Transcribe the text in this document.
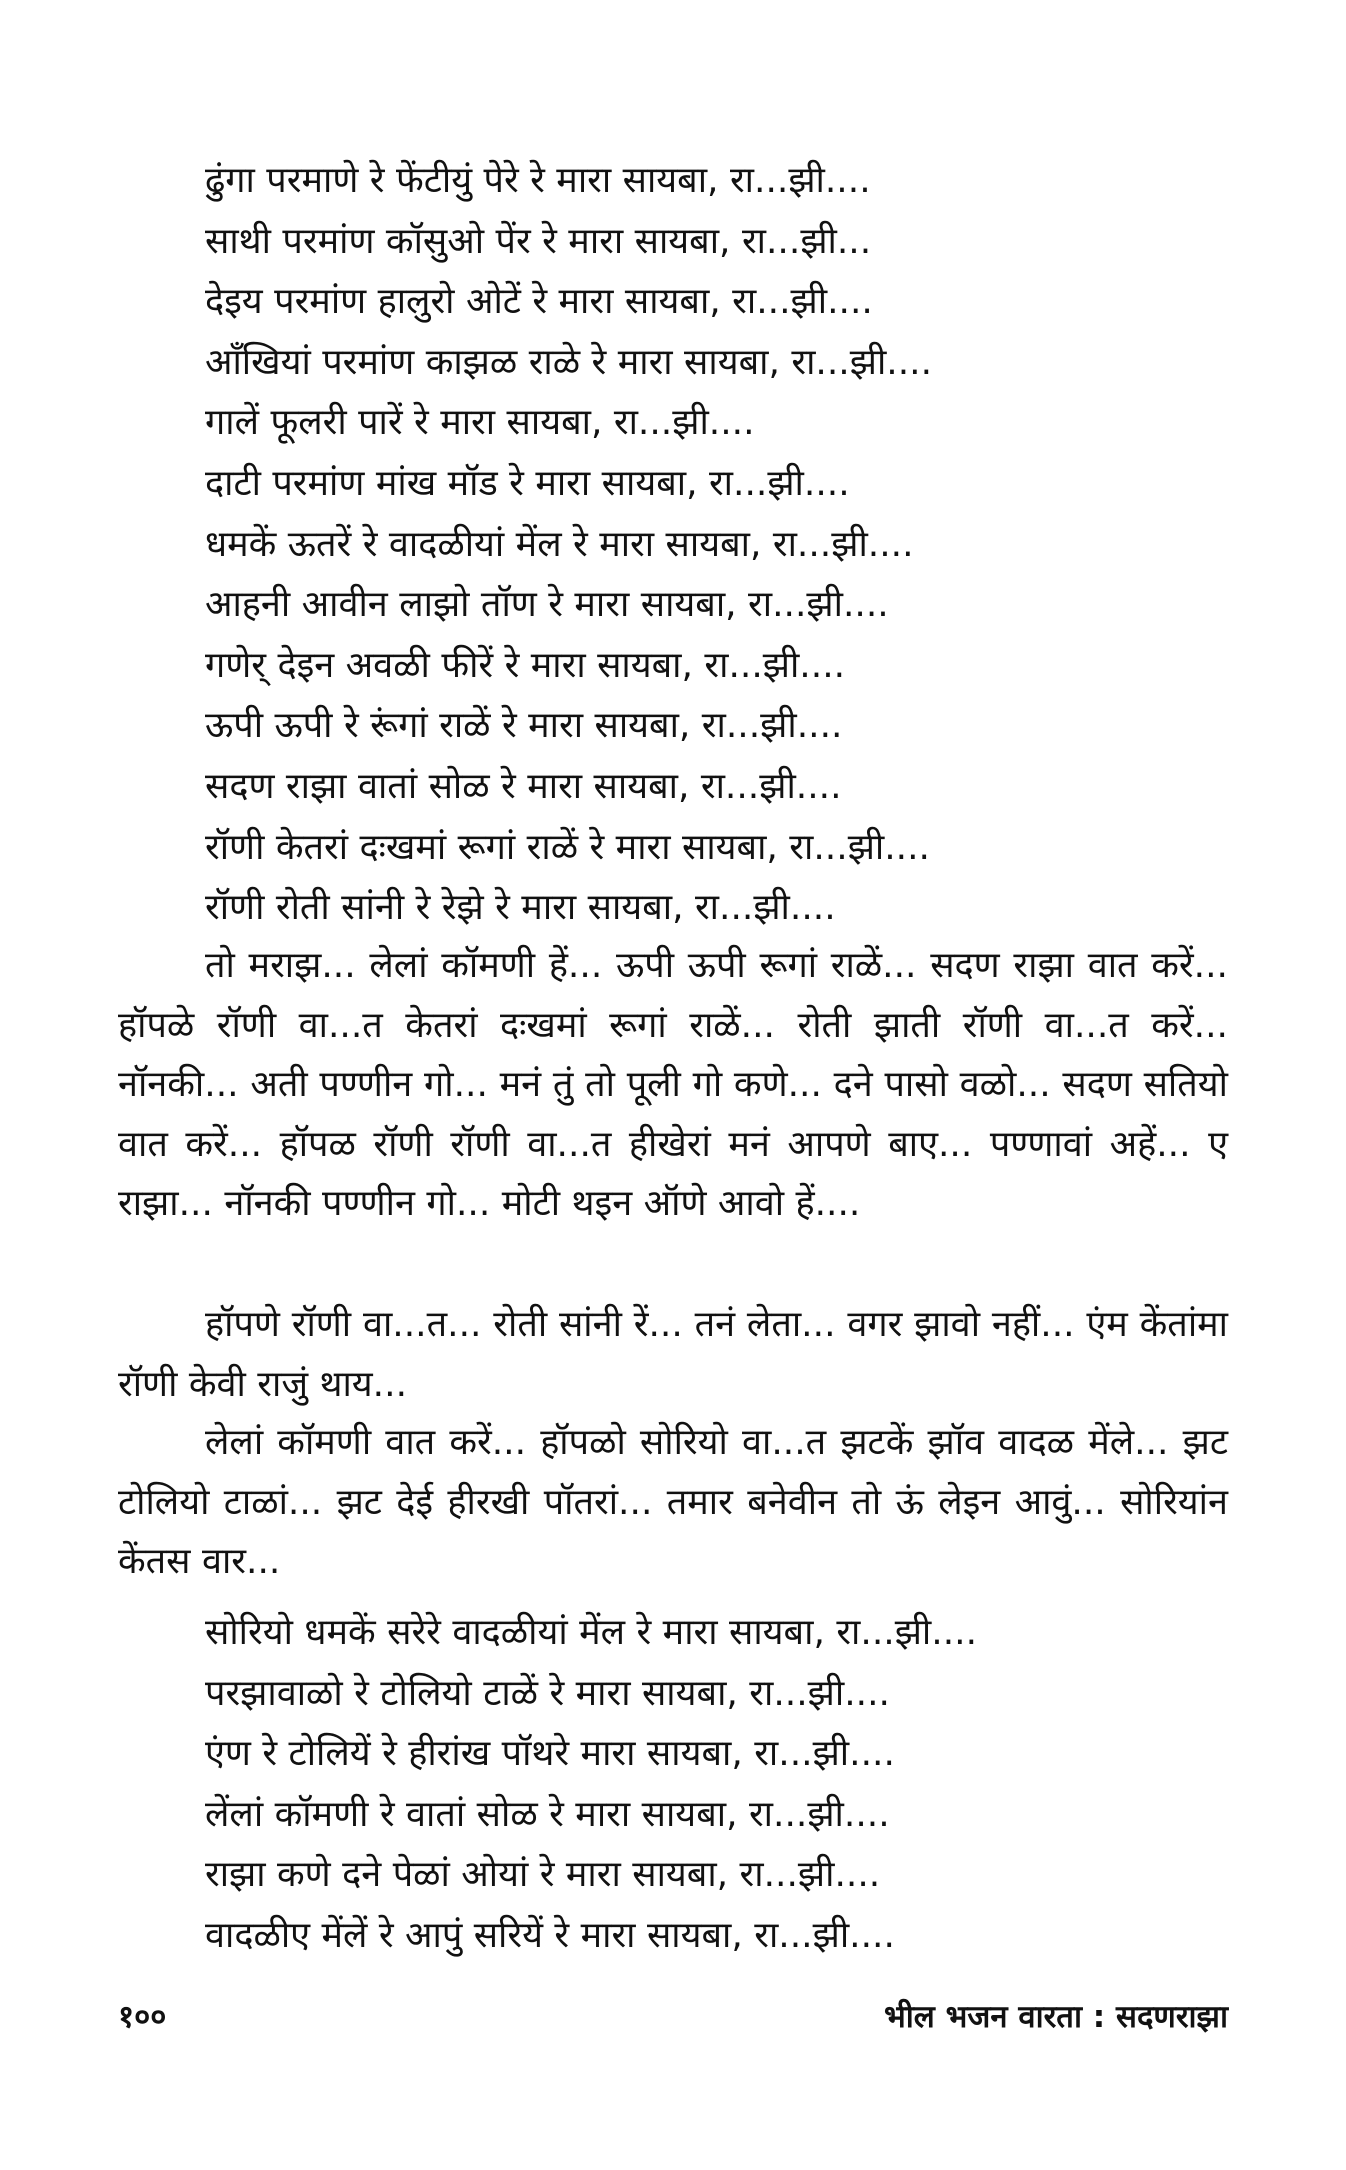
ढुंगा परमाणे रे फेंटीयुं पेरे रे मारा सायबा, रा...झी....
साथी परमांण कॉसुओ पेंर रे मारा सायबा, रा...झी...
देइय परमांण हालुरो ओटें रे मारा सायबा, रा...झी....
आँखियां परमांण काझळ राळे रे मारा सायबा, रा...झी....
गालें फूलरी पारें रे मारा सायबा, रा...झी....
दाटी परमांण मांख मॉड रे मारा सायबा, रा...झी....
धमकें ऊतरें रे वादळीयां मेंल रे मारा सायबा, रा...झी....
आहनी आवीन लाझो तॉण रे मारा सायबा, रा...झी....
गणेर् देइन अवळी फीरें रे मारा सायबा, रा...झी....
ऊपी ऊपी रे रूंगां राळें रे मारा सायबा, रा...झी....
सदण राझा वातां सोळ रे मारा सायबा, रा...झी....
रॉणी केतरां दःखमां रूगां राळें रे मारा सायबा, रा...झी....
रॉणी रोती सांनी रे रेझे रे मारा सायबा, रा...झी....

तो मराझ... लेलां कॉमणी हें... ऊपी ऊपी रूगां राळें... सदण राझा वात करें... हॉपळे रॉणी वा...त केतरां दःखमां रूगां राळें... रोती झाती रॉणी वा...त करें... नॉनकी... अती पण्णीन गो... मनं तुं तो पूली गो कणे... दने पासो वळो... सदण सतियो वात करें... हॉपळ रॉणी रॉणी वा...त हीखेरां मनं आपणे बाए... पण्णावां अहें... ए राझा... नॉनकी पण्णीन गो... मोटी थइन ऑणे आवो हें....

हॉपणे रॉणी वा...त... रोती सांनी रें... तनं लेता... वगर झावो नहीं... एंम केंतांमा रॉणी केवी राजुं थाय...

लेलां कॉमणी वात करें... हॉपळो सोरियो वा...त झटकें झॉव वादळ मेंले... झट टोलियो टाळां... झट देई हीरखी पॉतरां... तमार बनेवीन तो ऊं लेइन आवुं... सोरियांन केंतस वार...

सोरियो धमकें सरेरे वादळीयां मेंल रे मारा सायबा, रा...झी....
परझावाळो रे टोलियो टाळें रे मारा सायबा, रा...झी....
एंण रे टोलियें रे हीरांख पॉथरे मारा सायबा, रा...झी....
लेंलां कॉमणी रे वातां सोळ रे मारा सायबा, रा...झी....
राझा कणे दने पेळां ओयां रे मारा सायबा, रा...झी....
वादळीए मेंलें रे आपुं सरियें रे मारा सायबा, रा...झी....
१००	भील भजन वारता : सदणराझा
